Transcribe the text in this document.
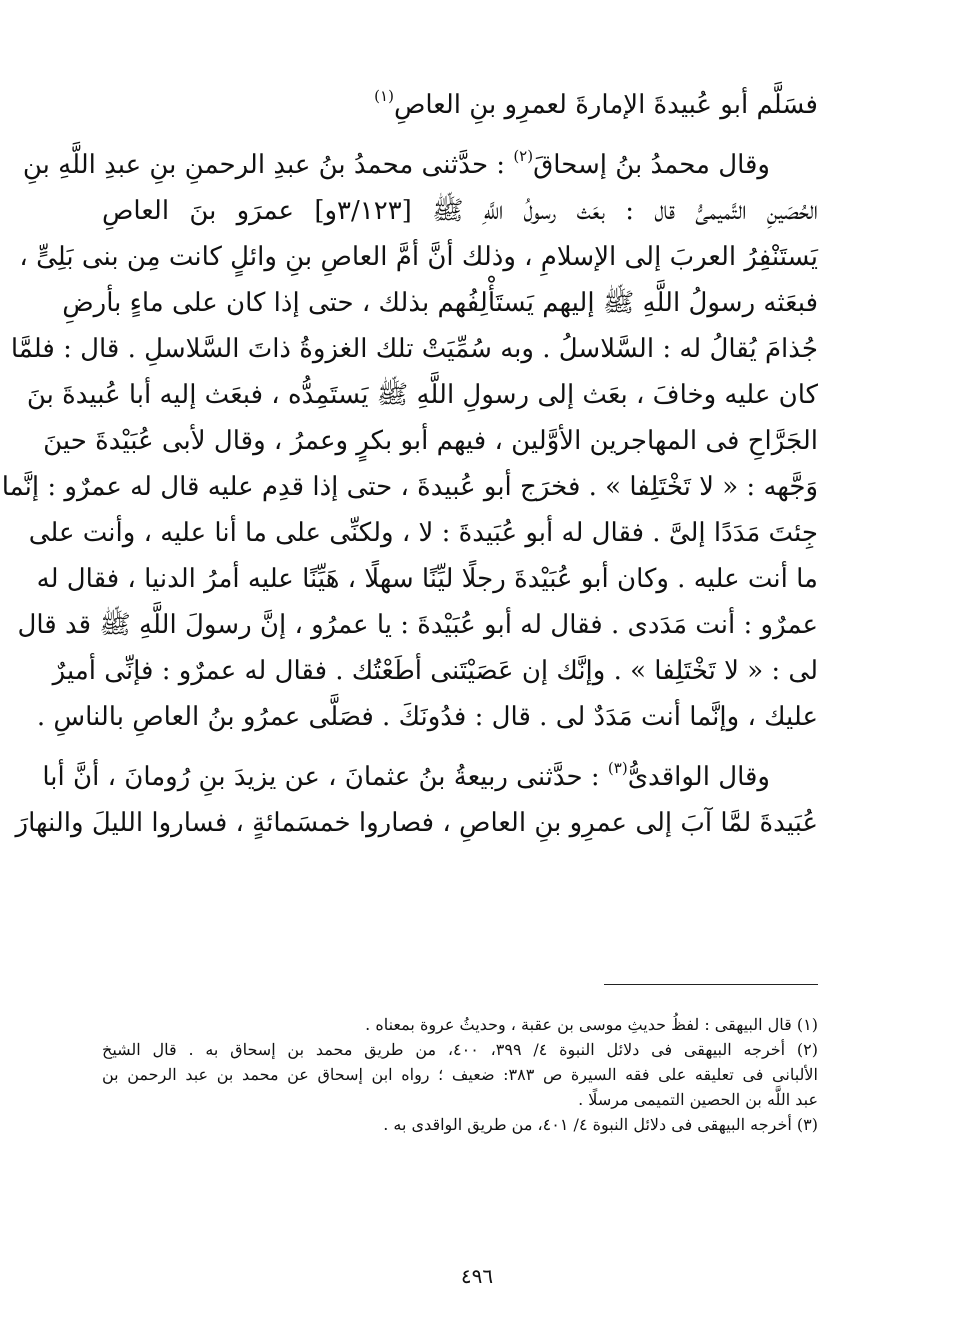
فسَلَّم أبو عُبيدةَ الإمارةَ لعمرِو بنِ العاصِ$^{(١)}$
وقال محمدُ بنُ إسحاقَ$^{(٢)}$ : حدَّثنى محمدُ بنُ عبدِ الرحمنِ بنِ عبدِ اللَّهِ بنِ
الحُصَينِ التَّميمىُّ قال : بعَث رسولُ اللَّهِ ﷺ [٣/١٢٣و] عمرَو بنَ العاصِ
يَستَنْفِرُ العربَ إلى الإسلامِ ، وذلك أنَّ أمَّ العاصِ بنِ وائلٍ كانت مِن بنى بَلِىٍّ ،
فبعَثه رسولُ اللَّهِ ﷺ إليهم يَستَأْلِفُهم بذلك ، حتى إذا كان على ماءٍ بأرضِ
جُذامَ يُقالُ له : السَّلاسلُ . وبه سُمِّيَتْ تلك الغزوةُ ذاتَ السَّلاسلِ . قال : فلمَّا
كان عليه وخافَ ، بعَث إلى رسولِ اللَّهِ ﷺ يَستَمِدُّه ، فبعَث إليه أبا عُبيدةَ بنَ
الجَرَّاحِ فى المهاجرين الأوَّلين ، فيهم أبو بكرٍ وعمرُ ، وقال لأبى عُبَيْدةَ حينَ
وَجَّهه : « لا تَخْتَلِفا » . فخرَج أبو عُبيدةَ ، حتى إذا قدِم عليه قال له عمرٌو : إنَّما
جِئتَ مَدَدًا إلىَّ . فقال له أبو عُبَيدةَ : لا ، ولكنِّى على ما أنا عليه ، وأنت على
ما أنت عليه . وكان أبو عُبَيْدةَ رجلًا ليِّنًا سهلًا ، هَيِّنًا عليه أمرُ الدنيا ، فقال له
عمرٌو : أنت مَدَدى . فقال له أبو عُبَيْدةَ : يا عمرُو ، إنَّ رسولَ اللَّهِ ﷺ قد قال
لى : « لا تَخْتَلِفا » . وإنَّك إن عَصَيْتَنى أطَعْتُك . فقال له عمرٌو : فإنِّى أميرٌ
عليك ، وإنَّما أنت مَدَدٌ لى . قال : فدُونَكَ . فصَلَّى عمرُو بنُ العاصِ بالناسِ .
وقال الواقدىُّ$^{(٣)}$ : حدَّثنى ربيعةُ بنُ عثمانَ ، عن يزيدَ بنِ رُومانَ ، أنَّ أبا
عُبَيدةَ لمَّا آبَ إلى عمرِو بنِ العاصِ ، فصاروا خمسَمائةٍ ، فساروا الليلَ والنهارَ
(١) قال البيهقى : لفظُ حديثِ موسى بن عقبة ، وحديثُ عروة بمعناه .
(٢) أخرجه البيهقى فى دلائل النبوة ٤/ ٣٩٩، ٤٠٠، من طريق محمد بن إسحاق به . قال الشيخ
الألبانى فى تعليقه على فقه السيرة ص ٣٨٣: ضعيف ؛ رواه ابن إسحاق عن محمد بن عبد الرحمن بن
عبد اللَّه بن الحصين التميمى مرسلًا .
(٣) أخرجه البيهقى فى دلائل النبوة ٤/ ٤٠١، من طريق الواقدى به .
٤٩٦
